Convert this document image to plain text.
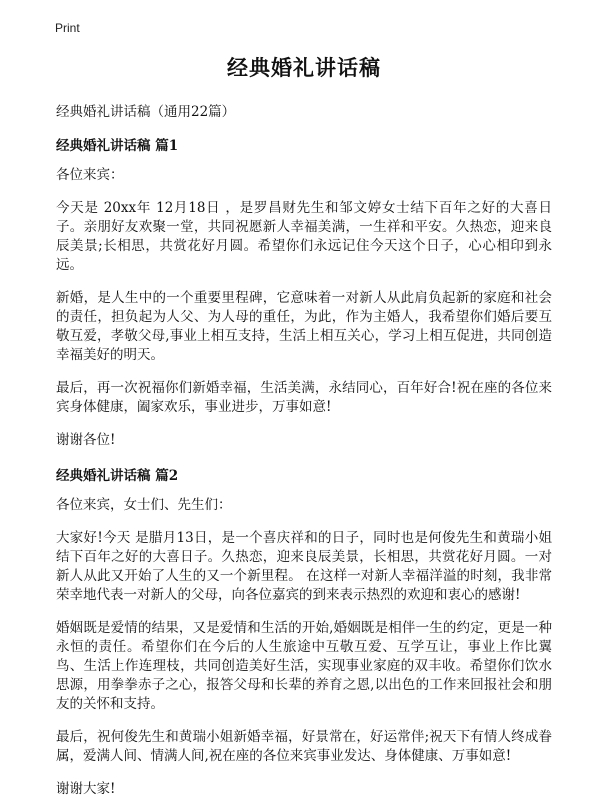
Print
经典婚礼讲话稿
经典婚礼讲话稿（通用22篇）
经典婚礼讲话稿 篇1
各位来宾：
今天是 20xx年 12月18日 ，是罗昌财先生和邹文婷女士结下百年之好的大喜日子。亲朋好友欢聚一堂，共同祝愿新人幸福美满，一生祥和平安。久热恋，迎来良辰美景;长相思，共赏花好月圆。希望你们永远记住今天这个日子，心心相印到永远。
新婚，是人生中的一个重要里程碑，它意味着一对新人从此肩负起新的家庭和社会的责任，担负起为人父、为人母的重任，为此，作为主婚人，我希望你们婚后要互敬互爱，孝敬父母,事业上相互支持，生活上相互关心，学习上相互促进，共同创造幸福美好的明天。
最后，再一次祝福你们新婚幸福，生活美满，永结同心，百年好合!祝在座的各位来宾身体健康，阖家欢乐，事业进步，万事如意!
谢谢各位!
经典婚礼讲话稿 篇2
各位来宾，女士们、先生们：
大家好!今天 是腊月13日，是一个喜庆祥和的日子，同时也是何俊先生和黄瑞小姐结下百年之好的大喜日子。久热恋，迎来良辰美景，长相思，共赏花好月圆。一对新人从此又开始了人生的又一个新里程。 在这样一对新人幸福洋溢的时刻，我非常荣幸地代表一对新人的父母，向各位嘉宾的到来表示热烈的欢迎和衷心的感谢!
婚姻既是爱情的结果，又是爱情和生活的开始,婚姻既是相伴一生的约定，更是一种永恒的责任。希望你们在今后的人生旅途中互敬互爱、互学互让，事业上作比翼鸟、生活上作连理枝，共同创造美好生活，实现事业家庭的双丰收。希望你们饮水思源，用拳拳赤子之心，报答父母和长辈的养育之恩,以出色的工作来回报社会和朋友的关怀和支持。
最后，祝何俊先生和黄瑞小姐新婚幸福，好景常在，好运常伴;祝天下有情人终成眷属，爱满人间、情满人间,祝在座的各位来宾事业发达、身体健康、万事如意!
谢谢大家!
